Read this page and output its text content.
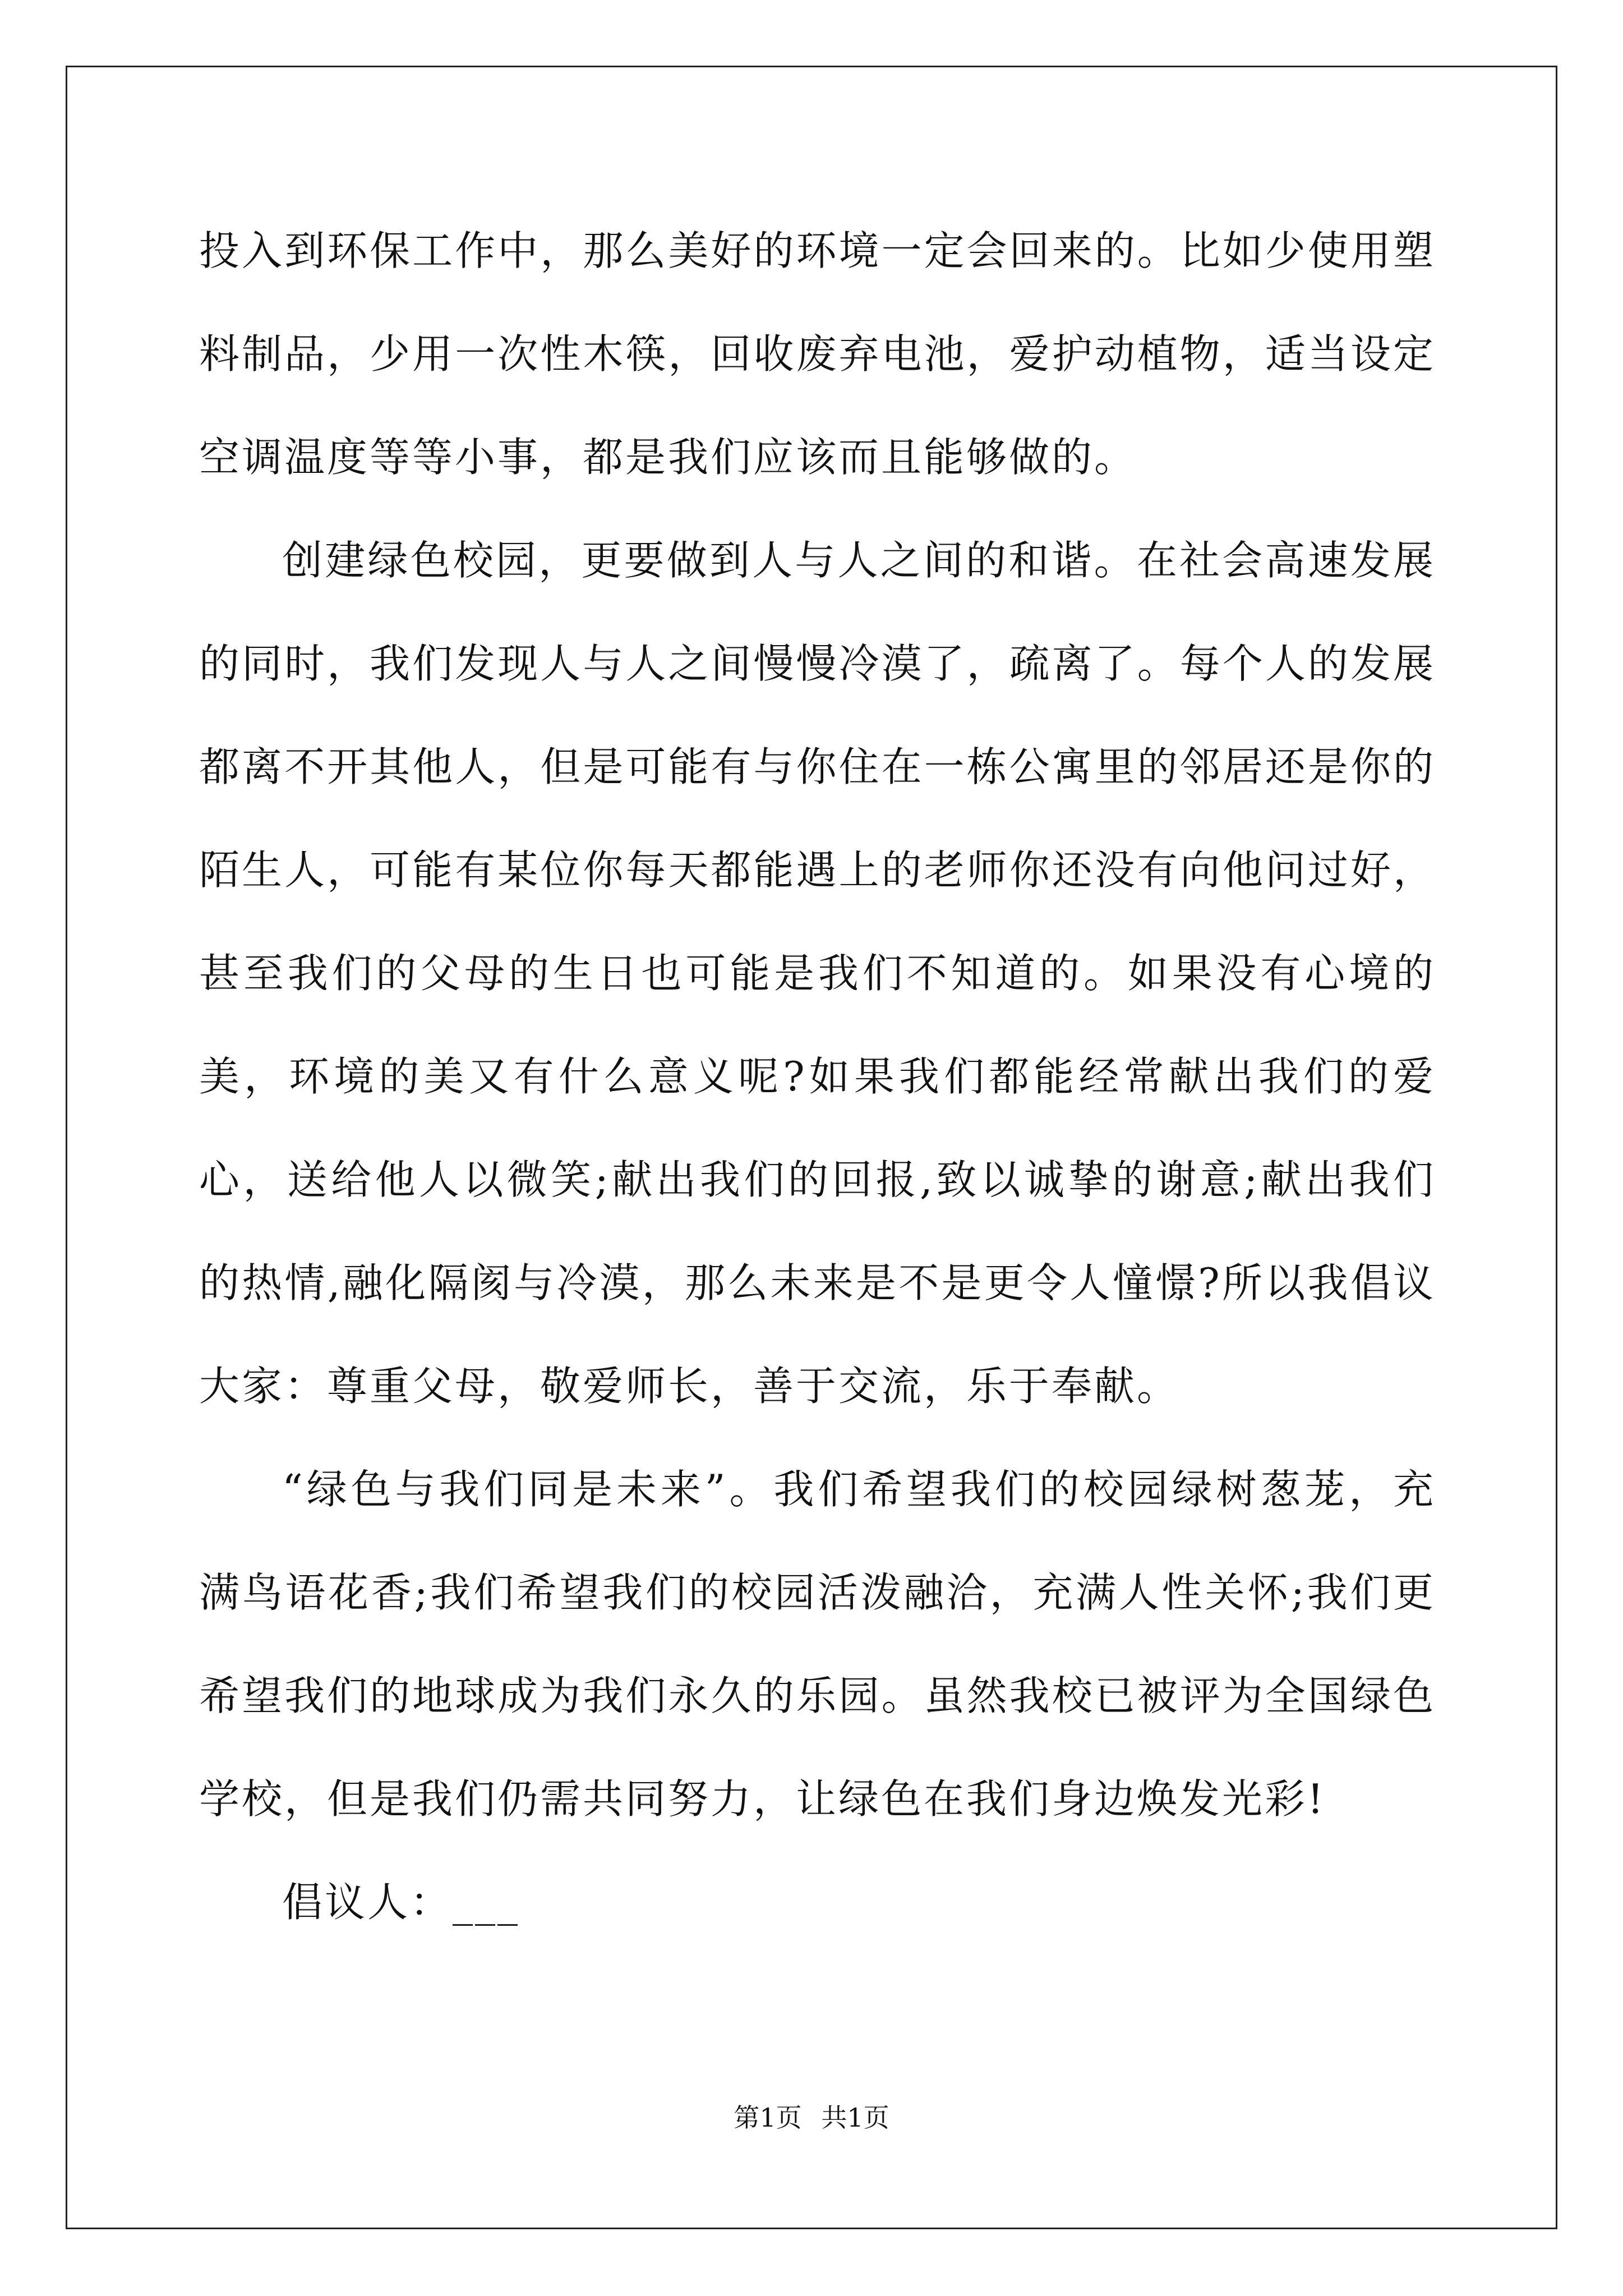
投入到环保工作中，那么美好的环境一定会回来的。比如少使用塑料制品，少用一次性木筷，回收废弃电池，爱护动植物，适当设定空调温度等等小事，都是我们应该而且能够做的。

创建绿色校园，更要做到人与人之间的和谐。在社会高速发展的同时，我们发现人与人之间慢慢冷漠了，疏离了。每个人的发展都离不开其他人，但是可能有与你住在一栋公寓里的邻居还是你的陌生人，可能有某位你每天都能遇上的老师你还没有向他问过好，甚至我们的父母的生日也可能是我们不知道的。如果没有心境的美，环境的美又有什么意义呢?如果我们都能经常献出我们的爱心，送给他人以微笑;献出我们的回报,致以诚挚的谢意;献出我们的热情,融化隔阂与冷漠，那么未来是不是更令人憧憬?所以我倡议大家：尊重父母，敬爱师长，善于交流，乐于奉献。

“绿色与我们同是未来”。我们希望我们的校园绿树葱茏，充满鸟语花香;我们希望我们的校园活泼融洽，充满人性关怀;我们更希望我们的地球成为我们永久的乐园。虽然我校已被评为全国绿色学校，但是我们仍需共同努力，让绿色在我们身边焕发光彩!

倡议人：___

第1页 共1页
